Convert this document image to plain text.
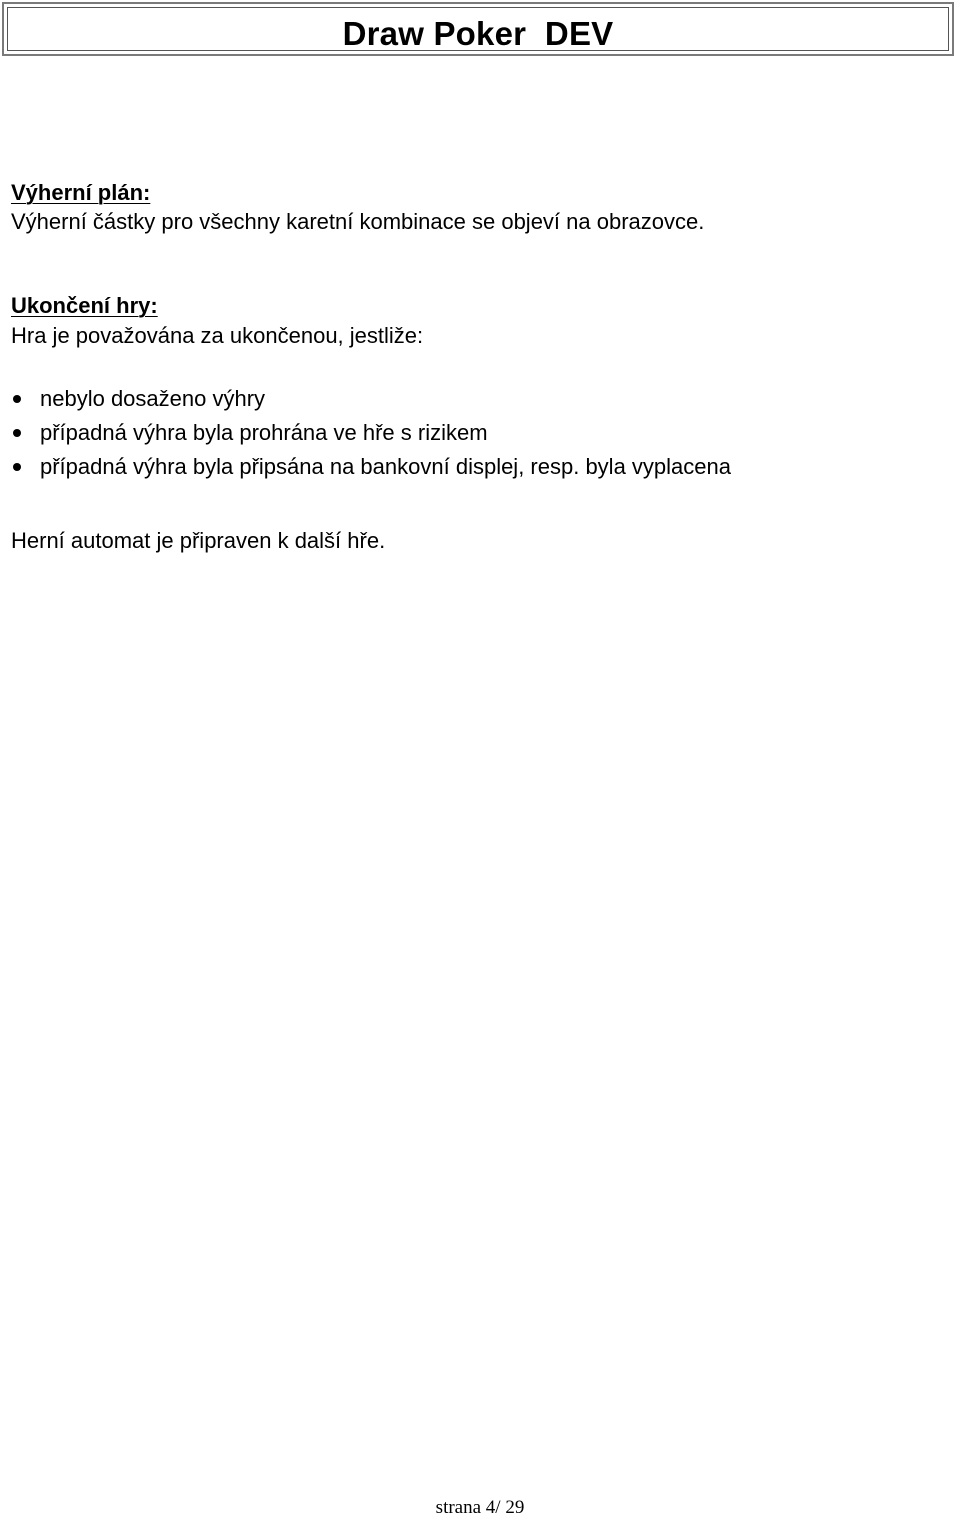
Draw Poker  DEV
Výherní plán:
Výherní částky pro všechny karetní kombinace se objeví na obrazovce.
Ukončení hry:
Hra je považována za ukončenou, jestliže:
nebylo dosaženo výhry
případná výhra byla prohrána ve hře s rizikem
případná výhra byla připsána na bankovní displej, resp. byla vyplacena
Herní automat je připraven k další hře.
strana 4/ 29
